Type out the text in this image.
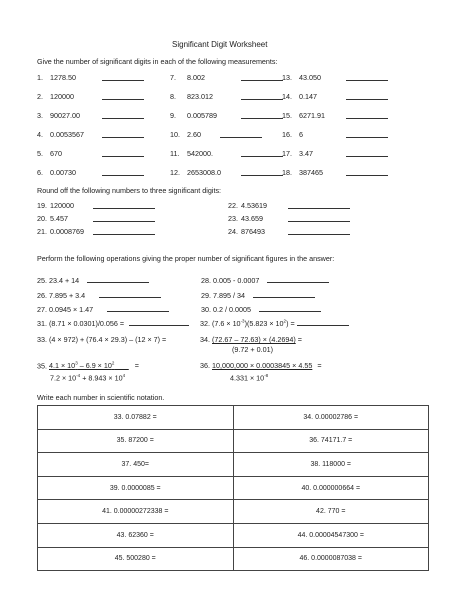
Significant Digit Worksheet
Give the number of significant digits in each of the following measurements:
1. 1278.50
2. 120000
3. 90027.00
4. 0.0053567
5. 670
6. 0.00730
7. 8.002
8. 823.012
9. 0.005789
10. 2.60
11. 542000.
12. 2653008.0
13. 43.050
14. 0.147
15. 6271.91
16. 6
17. 3.47
18. 387465
Round off the following numbers to three significant digits:
19. 120000
20. 5.457
21. 0.0008769
22. 4.53619
23. 43.659
24. 876493
Perform the following operations giving the proper number of significant figures in the answer:
25. 23.4 + 14
26. 7.895 + 3.4
27. 0.0945 × 1.47
28. 0.005 - 0.0007
29. 7.895 / 34
30. 0.2 / 0.0005
31. (8.71 × 0.0301)/0.056 =	32. $(7.6 \times 10^{-3})(5.823 \times 10^2)$ =
33. (4 × 972) + (76.4 × 29.3) – (12 × 7) =	34. (72.67 – 72.63) × (4.2694) =
(9.72 + 0.01)
35. $4.1 \times 10^3 - 6.9 \times 10^2$  	=
$7.2 \times 10^{-4} + 8.943 \times 10^4$
36. 10,000,000 × 0.0003845 × 4.55 =
$4.331 \times 10^{-8}$
Write each number in scientific notation.
33. 0.07882 =	34. 0.00002786 =
35. 87200 =	36. 74171.7 =
37. 450=	38. 118000 =
39. 0.0000085 =	40. 0.000000664 =
41. 0.00000272338 =	42. 770 =
43. 62360 =	44. 0.00004547300 =
45. 500280 =	46. 0.0000087038 =
